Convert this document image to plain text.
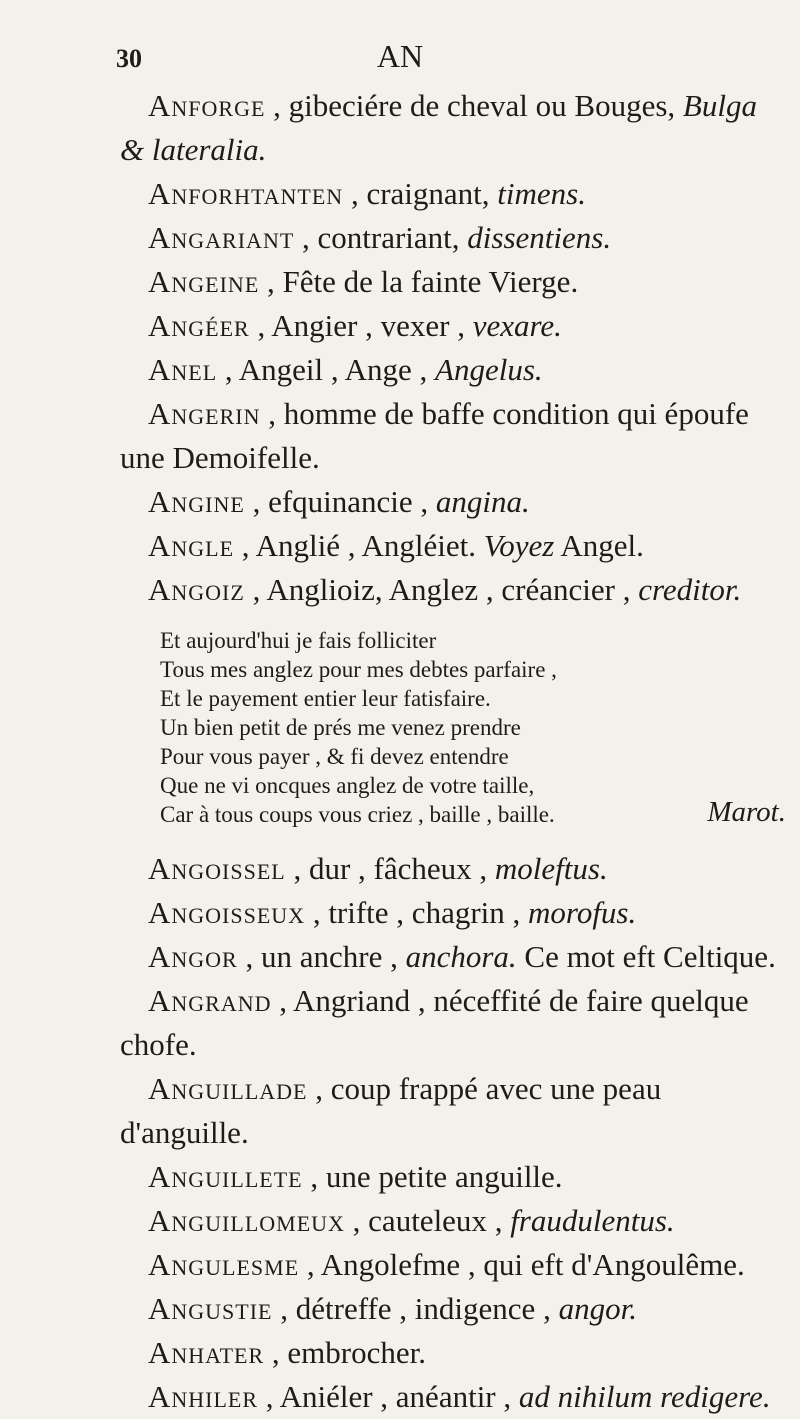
30	AN

Anforge , gibeciére de cheval ou Bouges, Bulga & lateralia.

Anforhtanten , craignant, timens.

Angariant , contrariant, dissentiens.

Angeine , Fête de la fainte Vierge.

Angéer , Angier , vexer , vexare.

Anel , Angeil , Ange , Angelus.

Angerin , homme de baffe condition qui époufe une Demoifelle.

Angine , efquinancie , angina.

Angle , Anglié , Angléiet. Voyez Angel.

Angoiz , Anglioiz, Anglez , créancier , creditor.

Et aujourd'hui je fais folliciter
Tous mes anglez pour mes debtes parfaire ,
Et le payement entier leur fatisfaire.
Un bien petit de prés me venez prendre
Pour vous payer , & fi devez entendre
Que ne vi oncques anglez de votre taille,
Car à tous coups vous criez , baille , baille.	Marot.

Angoissel , dur , fâcheux , moleftus.

Angoisseux , trifte , chagrin , morofus.

Angor , un anchre , anchora. Ce mot eft Celtique.

Angrand , Angriand , néceffité de faire quelque chofe.

Anguillade , coup frappé avec une peau d'anguille.

Anguillete , une petite anguille.

Anguillomeux , cauteleux , fraudulentus.

Angulesme , Angolefme , qui eft d'Angoulême.

Angustie , détreffe , indigence , angor.

Anhater , embrocher.

Anhiler , Aniéler , anéantir , ad nihilum redigere.
